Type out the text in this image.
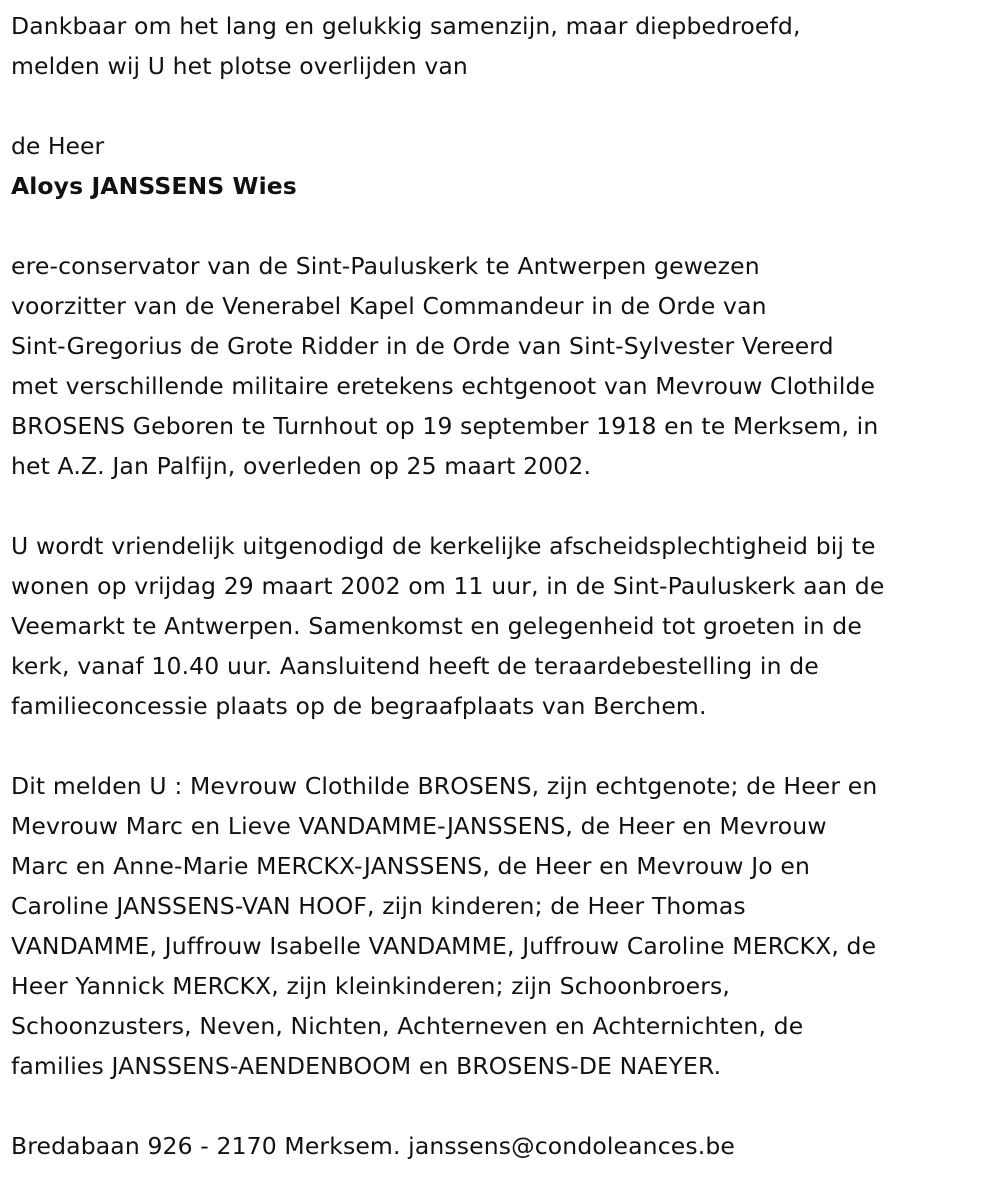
Dankbaar om het lang en gelukkig samenzijn, maar diepbedroefd,
melden wij U het plotse overlijden van
de Heer
Aloys JANSSENS Wies
ere-conservator van de Sint-Pauluskerk te Antwerpen gewezen
voorzitter van de Venerabel Kapel Commandeur in de Orde van
Sint-Gregorius de Grote Ridder in de Orde van Sint-Sylvester Vereerd
met verschillende militaire eretekens echtgenoot van Mevrouw Clothilde
BROSENS Geboren te Turnhout op 19 september 1918 en te Merksem, in
het A.Z. Jan Palfijn, overleden op 25 maart 2002.
U wordt vriendelijk uitgenodigd de kerkelijke afscheidsplechtigheid bij te
wonen op vrijdag 29 maart 2002 om 11 uur, in de Sint-Pauluskerk aan de
Veemarkt te Antwerpen. Samenkomst en gelegenheid tot groeten in de
kerk, vanaf 10.40 uur. Aansluitend heeft de teraardebestelling in de
familieconcessie plaats op de begraafplaats van Berchem.
Dit melden U : Mevrouw Clothilde BROSENS, zijn echtgenote; de Heer en
Mevrouw Marc en Lieve VANDAMME-JANSSENS, de Heer en Mevrouw
Marc en Anne-Marie MERCKX-JANSSENS, de Heer en Mevrouw Jo en
Caroline JANSSENS-VAN HOOF, zijn kinderen; de Heer Thomas
VANDAMME, Juffrouw Isabelle VANDAMME, Juffrouw Caroline MERCKX, de
Heer Yannick MERCKX, zijn kleinkinderen; zijn Schoonbroers,
Schoonzusters, Neven, Nichten, Achterneven en Achternichten, de
families JANSSENS-AENDENBOOM en BROSENS-DE NAEYER.
Bredabaan 926 - 2170 Merksem. janssens@condoleances.be
